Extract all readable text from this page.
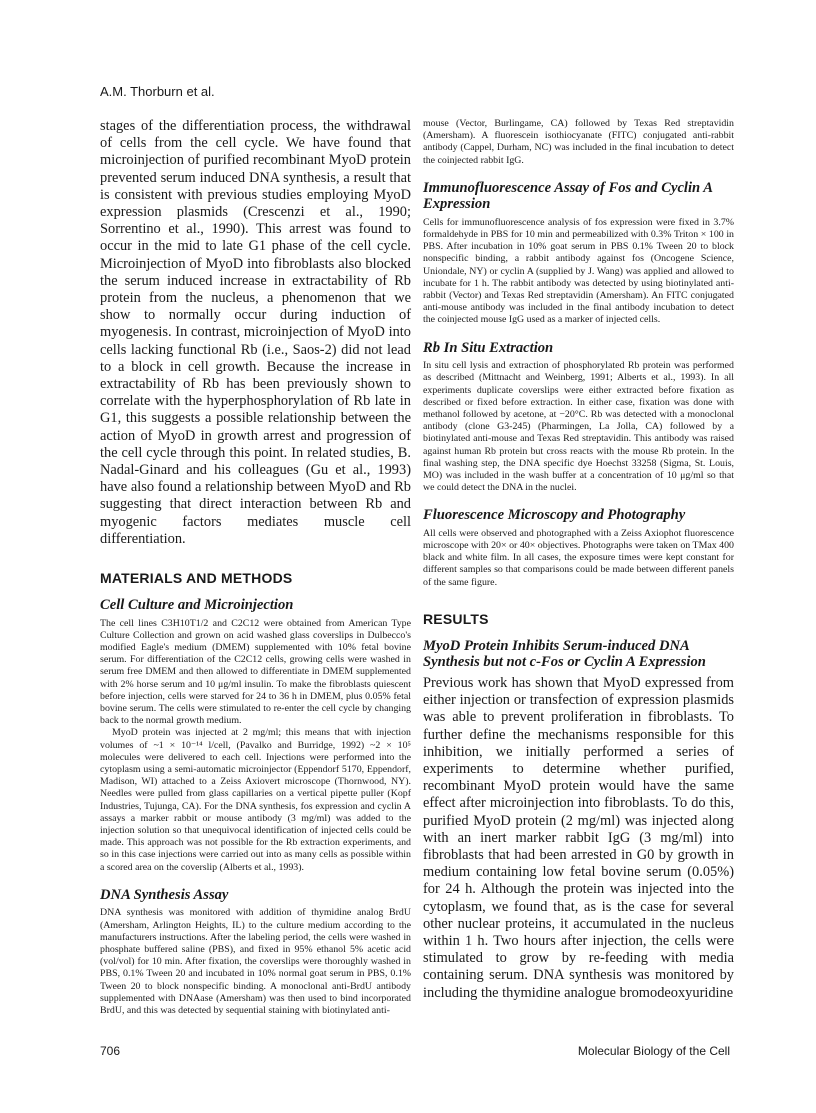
A.M. Thorburn et al.

stages of the differentiation process, the withdrawal of cells from the cell cycle. We have found that microinjection of purified recombinant MyoD protein prevented serum induced DNA synthesis, a result that is consistent with previous studies employing MyoD expression plasmids (Crescenzi et al., 1990; Sorrentino et al., 1990). This arrest was found to occur in the mid to late G1 phase of the cell cycle. Microinjection of MyoD into fibroblasts also blocked the serum induced increase in extractability of Rb protein from the nucleus, a phenomenon that we show to normally occur during induction of myogenesis. In contrast, microinjection of MyoD into cells lacking functional Rb (i.e., Saos-2) did not lead to a block in cell growth. Because the increase in extractability of Rb has been previously shown to correlate with the hyperphosphorylation of Rb late in G1, this suggests a possible relationship between the action of MyoD in growth arrest and progression of the cell cycle through this point. In related studies, B. Nadal-Ginard and his colleagues (Gu et al., 1993) have also found a relationship between MyoD and Rb suggesting that direct interaction between Rb and myogenic factors mediates muscle cell differentiation.

MATERIALS AND METHODS
Cell Culture and Microinjection

The cell lines C3H10T1/2 and C2C12 were obtained from American Type Culture Collection and grown on acid washed glass coverslips in Dulbecco's modified Eagle's medium (DMEM) supplemented with 10% fetal bovine serum. For differentiation of the C2C12 cells, growing cells were washed in serum free DMEM and then allowed to differentiate in DMEM supplemented with 2% horse serum and 10 μg/ml insulin. To make the fibroblasts quiescent before injection, cells were starved for 24 to 36 h in DMEM, plus 0.05% fetal bovine serum. The cells were stimulated to re-enter the cell cycle by changing back to the normal growth medium.

MyoD protein was injected at 2 mg/ml; this means that with injection volumes of ~1 × 10⁻¹⁴ l/cell, (Pavalko and Burridge, 1992) ~2 × 10⁵ molecules were delivered to each cell. Injections were performed into the cytoplasm using a semi-automatic microinjector (Eppendorf 5170, Eppendorf, Madison, WI) attached to a Zeiss Axiovert microscope (Thornwood, NY). Needles were pulled from glass capillaries on a vertical pipette puller (Kopf Industries, Tujunga, CA). For the DNA synthesis, fos expression and cyclin A assays a marker rabbit or mouse antibody (3 mg/ml) was added to the injection solution so that unequivocal identification of injected cells could be made. This approach was not possible for the Rb extraction experiments, and so in this case injections were carried out into as many cells as possible within a scored area on the coverslip (Alberts et al., 1993).

DNA Synthesis Assay

DNA synthesis was monitored with addition of thymidine analog BrdU (Amersham, Arlington Heights, IL) to the culture medium according to the manufacturers instructions. After the labeling period, the cells were washed in phosphate buffered saline (PBS), and fixed in 95% ethanol 5% acetic acid (vol/vol) for 10 min. After fixation, the coverslips were thoroughly washed in PBS, 0.1% Tween 20 and incubated in 10% normal goat serum in PBS, 0.1% Tween 20 to block nonspecific binding. A monoclonal anti-BrdU antibody supplemented with DNAase (Amersham) was then used to bind incorporated BrdU, and this was detected by sequential staining with biotinylated anti-

mouse (Vector, Burlingame, CA) followed by Texas Red streptavidin (Amersham). A fluorescein isothiocyanate (FITC) conjugated anti-rabbit antibody (Cappel, Durham, NC) was included in the final incubation to detect the coinjected rabbit IgG.

Immunofluorescence Assay of Fos and Cyclin A Expression

Cells for immunofluorescence analysis of fos expression were fixed in 3.7% formaldehyde in PBS for 10 min and permeabilized with 0.3% Triton × 100 in PBS. After incubation in 10% goat serum in PBS 0.1% Tween 20 to block nonspecific binding, a rabbit antibody against fos (Oncogene Science, Uniondale, NY) or cyclin A (supplied by J. Wang) was applied and allowed to incubate for 1 h. The rabbit antibody was detected by using biotinylated anti-rabbit (Vector) and Texas Red streptavidin (Amersham). An FITC conjugated anti-mouse antibody was included in the final antibody incubation to detect the coinjected mouse IgG used as a marker of injected cells.

Rb In Situ Extraction

In situ cell lysis and extraction of phosphorylated Rb protein was performed as described (Mittnacht and Weinberg, 1991; Alberts et al., 1993). In all experiments duplicate coverslips were either extracted before fixation as described or fixed before extraction. In either case, fixation was done with methanol followed by acetone, at −20°C. Rb was detected with a monoclonal antibody (clone G3-245) (Pharmingen, La Jolla, CA) followed by a biotinylated anti-mouse and Texas Red streptavidin. This antibody was raised against human Rb protein but cross reacts with the mouse Rb protein. In the final washing step, the DNA specific dye Hoechst 33258 (Sigma, St. Louis, MO) was included in the wash buffer at a concentration of 10 μg/ml so that we could detect the DNA in the nuclei.

Fluorescence Microscopy and Photography

All cells were observed and photographed with a Zeiss Axiophot fluorescence microscope with 20× or 40× objectives. Photographs were taken on TMax 400 black and white film. In all cases, the exposure times were kept constant for different samples so that comparisons could be made between different panels of the same figure.

RESULTS
MyoD Protein Inhibits Serum-induced DNA Synthesis but not c-Fos or Cyclin A Expression

Previous work has shown that MyoD expressed from either injection or transfection of expression plasmids was able to prevent proliferation in fibroblasts. To further define the mechanisms responsible for this inhibition, we initially performed a series of experiments to determine whether purified, recombinant MyoD protein would have the same effect after microinjection into fibroblasts. To do this, purified MyoD protein (2 mg/ml) was injected along with an inert marker rabbit IgG (3 mg/ml) into fibroblasts that had been arrested in G0 by growth in medium containing low fetal bovine serum (0.05%) for 24 h. Although the protein was injected into the cytoplasm, we found that, as is the case for several other nuclear proteins, it accumulated in the nucleus within 1 h. Two hours after injection, the cells were stimulated to grow by re-feeding with media containing serum. DNA synthesis was monitored by including the thymidine analogue bromodeoxyuridine

706	Molecular Biology of the Cell
